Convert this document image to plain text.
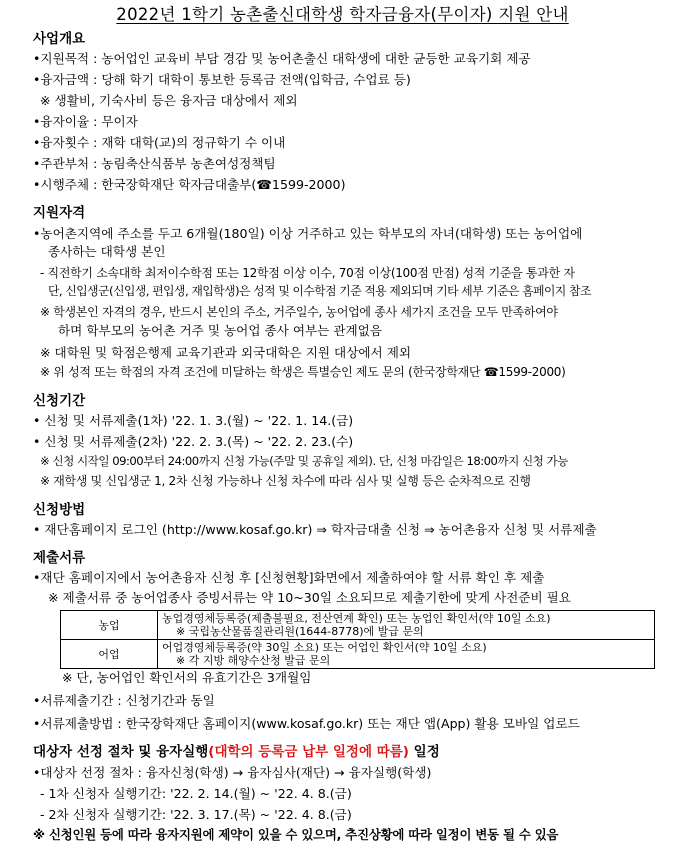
2022년 1학기 농촌출신대학생 학자금융자(무이자) 지원 안내
사업개요
•지원목적 : 농어업인 교육비 부담 경감 및 농어촌출신 대학생에 대한 균등한 교육기회 제공
•융자금액 : 당해 학기 대학이 통보한 등록금 전액(입학금, 수업료 등)
※ 생활비, 기숙사비 등은 융자금 대상에서 제외
•융자이율 : 무이자
•융자횟수 : 재학 대학(교)의 정규학기 수 이내
•주관부처 : 농림축산식품부 농촌여성정책팀
•시행주체 : 한국장학재단 학자금대출부(☎1599-2000)
지원자격
•농어촌지역에 주소를 두고 6개월(180일) 이상 거주하고 있는 학부모의 자녀(대학생) 또는 농어업에
종사하는 대학생 본인
- 직전학기 소속대학 최저이수학점 또는 12학점 이상 이수, 70점 이상(100점 만점) 성적 기준을 통과한 자
단, 신입생군(신입생, 편입생, 재입학생)은 성적 및 이수학점 기준 적용 제외되며 기타 세부 기준은 홈페이지 참조
※ 학생본인 자격의 경우, 반드시 본인의 주소, 거주일수, 농어업에 종사 세가지 조건을 모두 만족하여야
하며 학부모의 농어촌 거주 및 농어업 종사 여부는 관계없음
※ 대학원 및 학점은행제 교육기관과 외국대학은 지원 대상에서 제외
※ 위 성적 또는 학점의 자격 조건에 미달하는 학생은 특별승인 제도 문의 (한국장학재단 ☎1599-2000)
신청기간
• 신청 및 서류제출(1차) '22. 1. 3.(월) ~ '22. 1. 14.(금)
• 신청 및 서류제출(2차) '22. 2. 3.(목) ~ '22. 2. 23.(수)
※ 신청 시작일 09:00부터 24:00까지 신청 가능(주말 및 공휴일 제외). 단, 신청 마감일은 18:00까지 신청 가능
※ 재학생 및 신입생군 1, 2차 신청 가능하나 신청 차수에 따라 심사 및 실행 등은 순차적으로 진행
신청방법
• 재단홈페이지 로그인 (http://www.kosaf.go.kr) ⇒ 학자금대출 신청 ⇒ 농어촌융자 신청 및 서류제출
제출서류
•재단 홈페이지에서 농어촌융자 신청 후 [신청현황]화면에서 제출하여야 할 서류 확인 후 제출
※ 제출서류 중 농어업종사 증빙서류는 약 10~30일 소요되므로 제출기한에 맞게 사전준비 필요
농업	농업경영체등록증(제출불필요, 전산연계 확인) 또는 농업인 확인서(약 10일 소요)
※ 국립농산물품질관리원(1644-8778)에 발급 문의

어업	어업경영체등록증(약 30일 소요) 또는 어업인 확인서(약 10일 소요)
※ 각 지방 해양수산청 발급 문의
※ 단, 농어업인 확인서의 유효기간은 3개월임
•서류제출기간 : 신청기간과 동일
•서류제출방법 : 한국장학재단 홈페이지(www.kosaf.go.kr) 또는 재단 앱(App) 활용 모바일 업로드
대상자 선정 절차 및 융자실행(대학의 등록금 납부 일정에 따름) 일정
•대상자 선정 절차 : 융자신청(학생) → 융자심사(재단) → 융자실행(학생)
- 1차 신청자 실행기간: '22. 2. 14.(월) ~ '22. 4. 8.(금)
- 2차 신청자 실행기간: '22. 3. 17.(목) ~ '22. 4. 8.(금)
※ 신청인원 등에 따라 융자지원에 제약이 있을 수 있으며, 추진상황에 따라 일정이 변동 될 수 있음
